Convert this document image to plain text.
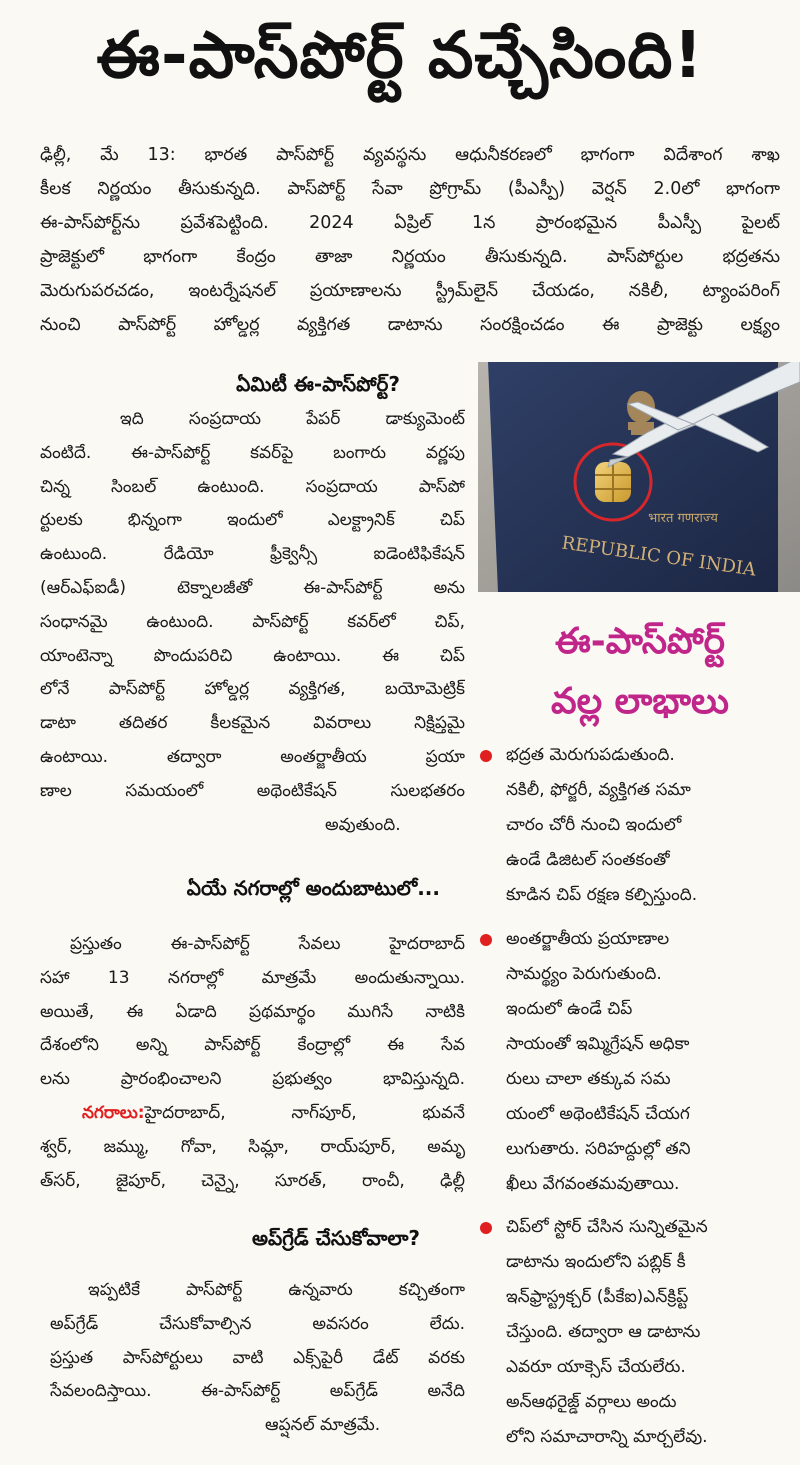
ఈ-పాస్‌పోర్ట్ వచ్చేసింది!
ఢిల్లీ, మే 13: భారత పాస్‌పోర్ట్ వ్యవస్థను ఆధునీకరణలో భాగంగా విదేశాంగ శాఖ
కీలక నిర్ణయం తీసుకున్నది. పాస్‌పోర్ట్ సేవా ప్రోగ్రామ్ (పీఎస్పీ) వెర్షన్ 2.0లో భాగంగా
ఈ-పాస్‌పోర్ట్‌ను ప్రవేశపెట్టింది. 2024 ఏప్రిల్ 1న ప్రారంభమైన పీఎస్పీ పైలట్
ప్రాజెక్టులో భాగంగా కేంద్రం తాజా నిర్ణయం తీసుకున్నది. పాస్‌పోర్టుల భద్రతను
మెరుగుపరచడం, ఇంటర్నేషనల్ ప్రయాణాలను స్ట్రీమ్‌లైన్ చేయడం, నకిలీ, ట్యాంపరింగ్
నుంచి పాస్‌పోర్ట్ హోల్డర్ల వ్యక్తిగత డాటాను సంరక్షించడం ఈ ప్రాజెక్టు లక్ష్యం
ఏమిటీ ఈ-పాస్‌పోర్ట్?
ఇది సంప్రదాయ పేపర్ డాక్యుమెంట్
వంటిదే. ఈ-పాస్‌పోర్ట్ కవర్‌పై బంగారు వర్ణపు
చిన్న సింబల్ ఉంటుంది. సంప్రదాయ పాస్‌పో
ర్టులకు భిన్నంగా ఇందులో ఎలక్ట్రానిక్ చిప్
ఉంటుంది. రేడియో ఫ్రీక్వెన్సీ ఐడెంటిఫికేషన్
(ఆర్ఎఫ్ఐడీ) టెక్నాలజీతో ఈ-పాస్‌పోర్ట్ అను
సంధానమై ఉంటుంది. పాస్‌పోర్ట్ కవర్‌లో చిప్,
యాంటెన్నా పొందుపరిచి ఉంటాయి. ఈ చిప్
లోనే పాస్‌పోర్ట్ హోల్డర్ల వ్యక్తిగత, బయోమెట్రిక్
డాటా తదితర కీలకమైన వివరాలు నిక్షిప్తమై
ఉంటాయి. తద్వారా అంతర్జాతీయ ప్రయా
ణాల సమయంలో అథెంటికేషన్ సులభతరం
అవుతుంది.
ఏయే నగరాల్లో అందుబాటులో...
ప్రస్తుతం ఈ-పాస్‌పోర్ట్ సేవలు హైదరాబాద్
సహా 13 నగరాల్లో మాత్రమే అందుతున్నాయి.
అయితే, ఈ ఏడాది ప్రథమార్థం ముగిసే నాటికి
దేశంలోని అన్ని పాస్‌పోర్ట్ కేంద్రాల్లో ఈ సేవ
లను ప్రారంభించాలని ప్రభుత్వం భావిస్తున్నది.
నగరాలు:హైదరాబాద్, నాగ్‌పూర్, భువనే
శ్వర్, జమ్ము, గోవా, సిమ్లా, రాయ్‌పూర్, అమృ
త్‌సర్, జైపూర్, చెన్నై, సూరత్, రాంచీ, ఢిల్లీ
అప్‌గ్రేడ్ చేసుకోవాలా?
ఇప్పటికే పాస్‌పోర్ట్ ఉన్నవారు కచ్చితంగా
అప్‌గ్రేడ్ చేసుకోవాల్సిన అవసరం లేదు.
ప్రస్తుత పాస్‌పోర్టులు వాటి ఎక్స్‌పైరీ డేట్ వరకు
సేవలందిస్తాయి. ఈ-పాస్‌పోర్ట్ అప్‌గ్రేడ్ అనేది
ఆప్షనల్ మాత్రమే.
भारत गणराज्य
REPUBLIC OF INDIA
ఈ-పాస్‌పోర్ట్
వల్ల లాభాలు
భద్రత మెరుగుపడుతుంది.
నకిలీ, ఫోర్జరీ, వ్యక్తిగత సమా
చారం చోరీ నుంచి ఇందులో
ఉండే డిజిటల్ సంతకంతో
కూడిన చిప్ రక్షణ కల్పిస్తుంది.
అంతర్జాతీయ ప్రయాణాల
సామర్థ్యం పెరుగుతుంది.
ఇందులో ఉండే చిప్
సాయంతో ఇమ్మిగ్రేషన్ అధికా
రులు చాలా తక్కువ సమ
యంలో అథెంటికేషన్ చేయగ
లుగుతారు. సరిహద్దుల్లో తని
ఖీలు వేగవంతమవుతాయి.
చిప్‌లో స్టోర్ చేసిన సున్నితమైన
డాటాను ఇందులోని పబ్లిక్ కీ
ఇన్‌ఫ్రాస్ట్రక్చర్ (పీకేఐ)ఎన్‌క్రిప్ట్
చేస్తుంది. తద్వారా ఆ డాటాను
ఎవరూ యాక్సెస్ చేయలేరు.
అన్‌ఆథరైజ్డ్ వర్గాలు అందు
లోని సమాచారాన్ని మార్చలేవు.
